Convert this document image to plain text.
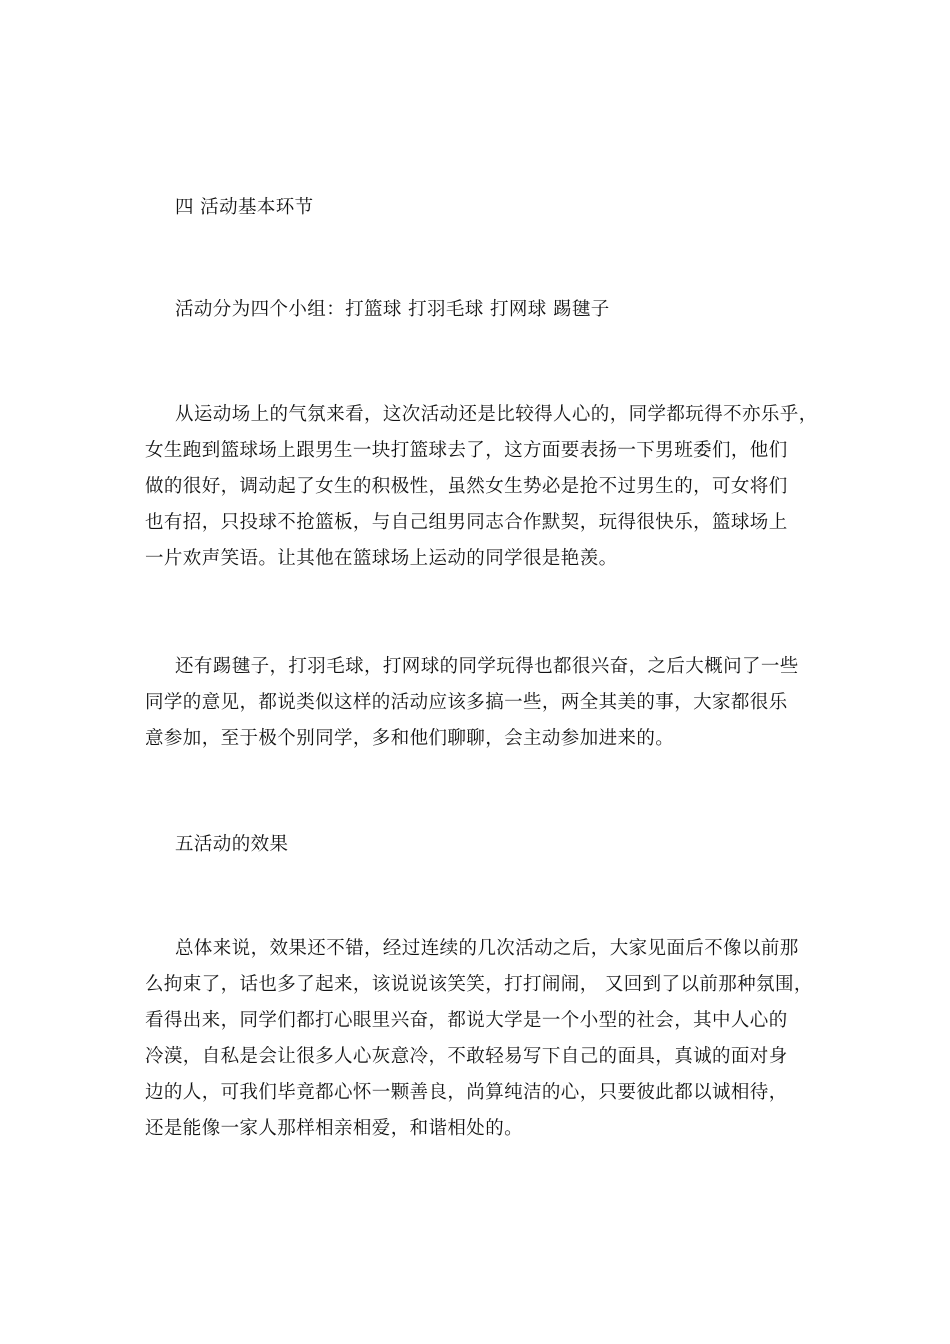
四 活动基本环节
活动分为四个小组：打篮球 打羽毛球 打网球 踢毽子
从运动场上的气氛来看，这次活动还是比较得人心的，同学都玩得不亦乐乎，
女生跑到篮球场上跟男生一块打篮球去了，这方面要表扬一下男班委们，他们
做的很好，调动起了女生的积极性，虽然女生势必是抢不过男生的，可女将们
也有招，只投球不抢篮板，与自己组男同志合作默契，玩得很快乐，篮球场上
一片欢声笑语。让其他在篮球场上运动的同学很是艳羡。
还有踢毽子，打羽毛球，打网球的同学玩得也都很兴奋，之后大概问了一些
同学的意见，都说类似这样的活动应该多搞一些，两全其美的事，大家都很乐
意参加，至于极个别同学，多和他们聊聊，会主动参加进来的。
五活动的效果
总体来说，效果还不错，经过连续的几次活动之后，大家见面后不像以前那
么拘束了，话也多了起来，该说说该笑笑，打打闹闹， 又回到了以前那种氛围，
看得出来，同学们都打心眼里兴奋，都说大学是一个小型的社会，其中人心的
冷漠，自私是会让很多人心灰意冷，不敢轻易写下自己的面具，真诚的面对身
边的人，可我们毕竟都心怀一颗善良，尚算纯洁的心，只要彼此都以诚相待，
还是能像一家人那样相亲相爱，和谐相处的。
